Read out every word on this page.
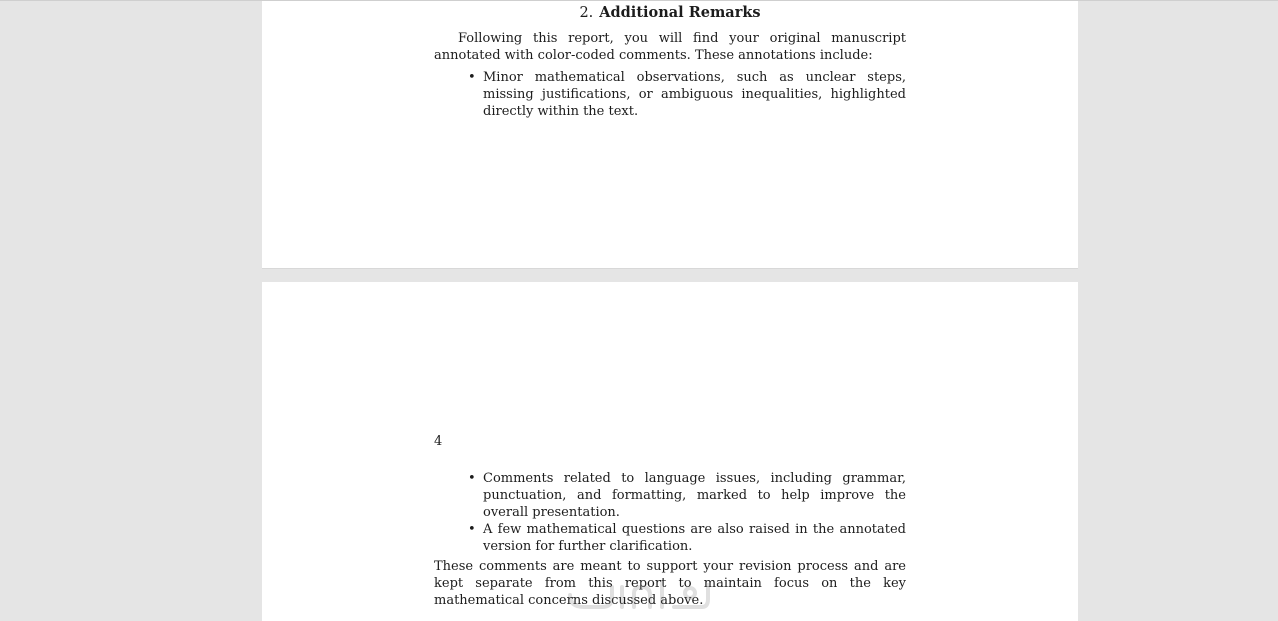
2. Additional Remarks

Following this report, you will find your original manuscript annotated with color-coded comments. These annotations include:

• Minor mathematical observations, such as unclear steps, missing justifications, or ambiguous inequalities, highlighted directly within the text.
4
• Comments related to language issues, including grammar, punctuation, and formatting, marked to help improve the overall presentation.
• A few mathematical questions are also raised in the annotated version for further clarification.

These comments are meant to support your revision process and are kept separate from this report to maintain focus on the key mathematical concerns discussed above.
